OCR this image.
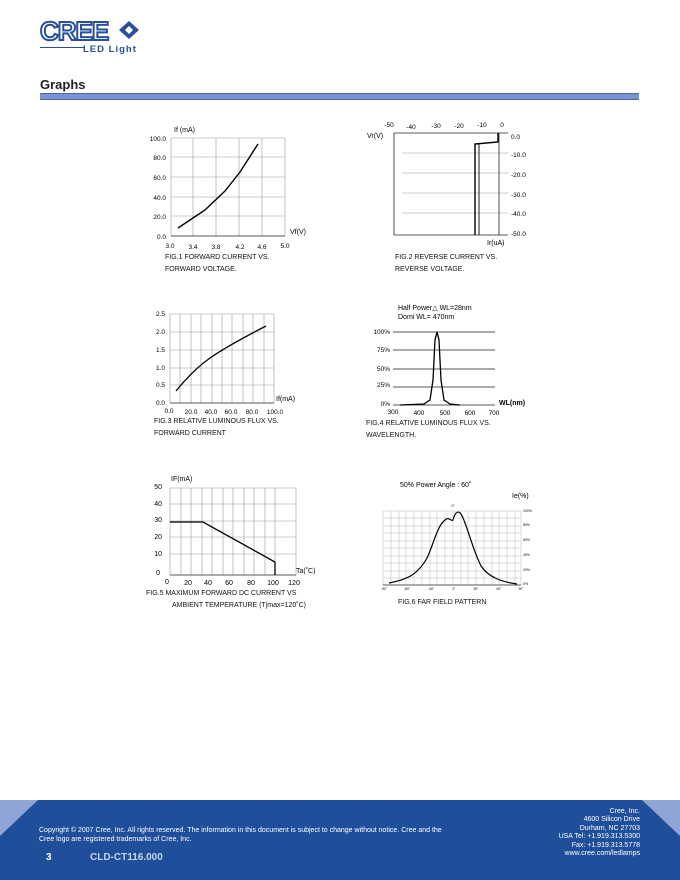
CREE
LED Light
Graphs
If (mA)
Vf(V)
100.0
80.0
60.0
40.0
20.0
0.0
3.0 3.4 3.8 4.2 4.6 5.0
FIG.1 FORWARD CURRENT VS.
FORWARD VOLTAGE.
Vr(V)
Ir(uA)
-50 -40 -30 -20 -10 0
0.0
-10.0
-20.0
-30.0
-40.0
-50.0
FIG.2 REVERSE CURRENT VS.
REVERSE VOLTAGE.
If(mA)
2.5
2.0
1.5
1.0
0.5
0.0
0.0 20.0 40.0 60.0 80.0 100.0
FIG.3 RELATIVE LUMINOUS FLUX VS.
FORWARD CURRENT
Half Power△ WL=28nm
Domi WL= 470nm
WL(nm)
100%
75%
50%
25%
0%
300 400 500 600 700
FIG.4 RELATIVE LUMINOUS FLUX VS.
WAVELENGTH.
IF(mA)
Ta(˚C)
50
40
30
20
10
0
0 20 40 60 80 100 120
FIG.5 MAXIMUM FORWARD DC CURRENT VS
AMBIENT TEMPERATURE (Tjmax=120˚C)
50% Power Angle : 60˚
Ie(%)
0˚
100%
80%
60%
40%
20%
0%
-90˚	-60˚	-30˚	0˚	30˚	60˚	90˚
FIG.6 FAR FIELD PATTERN
Copyright © 2007 Cree, Inc. All rights reserved. The information in this document is subject to change without notice. Cree and the
Cree logo are registered trademarks of Cree, Inc.
3	CLD-CT116.000
Cree, Inc.
4600 Silicon Drive
Durham, NC 27703
USA Tel: +1.919.313.5300
Fax: +1.919.313.5778
www.cree.com/ledlamps
